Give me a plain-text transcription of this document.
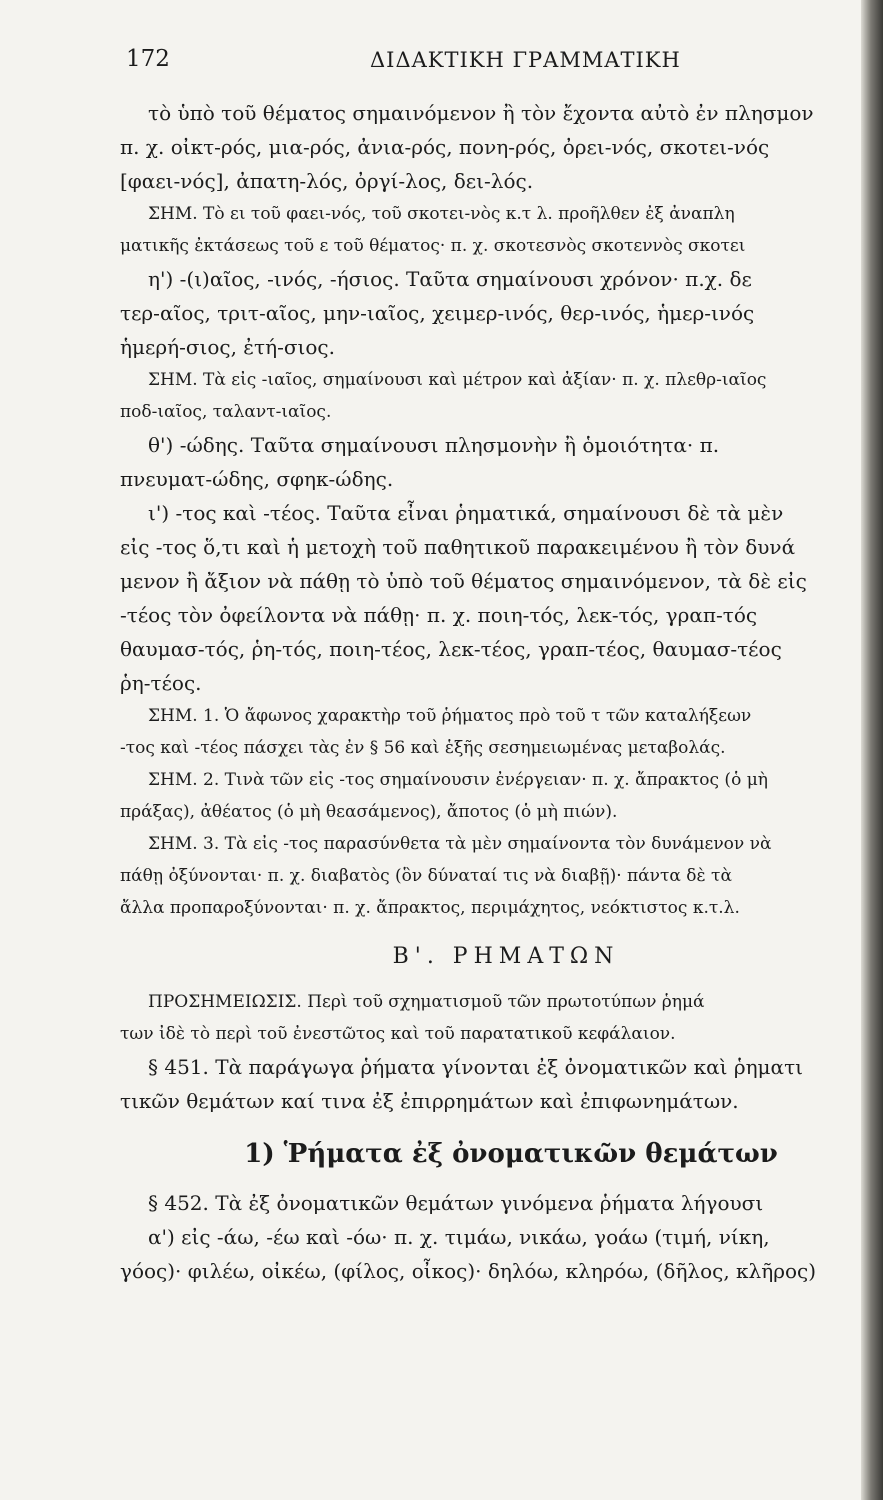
172	ΔΙΔΑΚΤΙΚΗ ΓΡΑΜΜΑΤΙΚΗ
τὸ ὑπὸ τοῦ θέματος σημαινόμενον ἢ τὸν ἔχοντα αὐτὸ ἐν πλησμον
π. χ. οἰκτ-ρός, μια-ρός, ἀνια-ρός, πονη-ρός, ὀρει-νός, σκοτει-νός
[φαει-νός], ἀπατη-λός, ὀργί-λος, δει-λός.
ΣΗΜ. Τὸ ει τοῦ φαει-νός, τοῦ σκοτει-νὸς κ.τ λ. προῆλθεν ἐξ ἀναπλη
ματικῆς ἐκτάσεως τοῦ ε τοῦ θέματος· π. χ. σκοτεσνὸς σκοτεννὸς σκοτει
η') -(ι)αῖος, -ινός, -ήσιος. Ταῦτα σημαίνουσι χρόνον· π.χ. δε
τερ-αῖος, τριτ-αῖος, μην-ιαῖος, χειμερ-ινός, θερ-ινός, ἡμερ-ινός
ἡμερή-σιος, ἐτή-σιος.
ΣΗΜ. Τὰ εἰς -ιαῖος, σημαίνουσι καὶ μέτρον καὶ ἀξίαν· π. χ. πλεθρ-ιαῖος
ποδ-ιαῖος, ταλαντ-ιαῖος.
θ') -ώδης. Ταῦτα σημαίνουσι πλησμονὴν ἢ ὁμοιότητα· π.
πνευματ-ώδης, σφηκ-ώδης.
ι') -τος καὶ -τέος. Ταῦτα εἶναι ῥηματικά, σημαίνουσι δὲ τὰ μὲν
εἰς -τος ὅ,τι καὶ ἡ μετοχὴ τοῦ παθητικοῦ παρακειμένου ἢ τὸν δυνά
μενον ἢ ἄξιον νὰ πάθῃ τὸ ὑπὸ τοῦ θέματος σημαινόμενον, τὰ δὲ εἰς
-τέος τὸν ὀφείλοντα νὰ πάθῃ· π. χ. ποιη-τός, λεκ-τός, γραπ-τός
θαυμασ-τός, ῥη-τός, ποιη-τέος, λεκ-τέος, γραπ-τέος, θαυμασ-τέος
ῥη-τέος.
ΣΗΜ. 1. Ὁ ἄφωνος χαρακτὴρ τοῦ ῥήματος πρὸ τοῦ τ τῶν καταλήξεων
-τος καὶ -τέος πάσχει τὰς ἐν § 56 καὶ ἑξῆς σεσημειωμένας μεταβολάς.
ΣΗΜ. 2. Τινὰ τῶν εἰς -τος σημαίνουσιν ἐνέργειαν· π. χ. ἄπρακτος (ὁ μὴ
πράξας), ἀθέατος (ὁ μὴ θεασάμενος), ἄποτος (ὁ μὴ πιών).
ΣΗΜ. 3. Τὰ εἰς -τος παρασύνθετα τὰ μὲν σημαίνοντα τὸν δυνάμενον νὰ
πάθῃ ὀξύνονται· π. χ. διαβατὸς (ὃν δύναταί τις νὰ διαβῇ)· πάντα δὲ τὰ
ἄλλα προπαροξύνονται· π. χ. ἄπρακτος, περιμάχητος, νεόκτιστος κ.τ.λ.
Β'. ΡΗΜΑΤΩΝ
ΠΡΟΣΗΜΕΙΩΣΙΣ. Περὶ τοῦ σχηματισμοῦ τῶν πρωτοτύπων ῥημά
των ἰδὲ τὸ περὶ τοῦ ἐνεστῶτος καὶ τοῦ παρατατικοῦ κεφάλαιον.
§ 451. Τὰ παράγωγα ῥήματα γίνονται ἐξ ὀνοματικῶν καὶ ῥηματι
τικῶν θεμάτων καί τινα ἐξ ἐπιρρημάτων καὶ ἐπιφωνημάτων.
1) Ῥήματα ἐξ ὀνοματικῶν θεμάτων
§ 452. Τὰ ἐξ ὀνοματικῶν θεμάτων γινόμενα ῥήματα λήγουσι
α') εἰς -άω, -έω καὶ -όω· π. χ. τιμάω, νικάω, γοάω (τιμή, νίκη,
γόος)· φιλέω, οἰκέω, (φίλος, οἶκος)· δηλόω, κληρόω, (δῆλος, κλῆρος)
